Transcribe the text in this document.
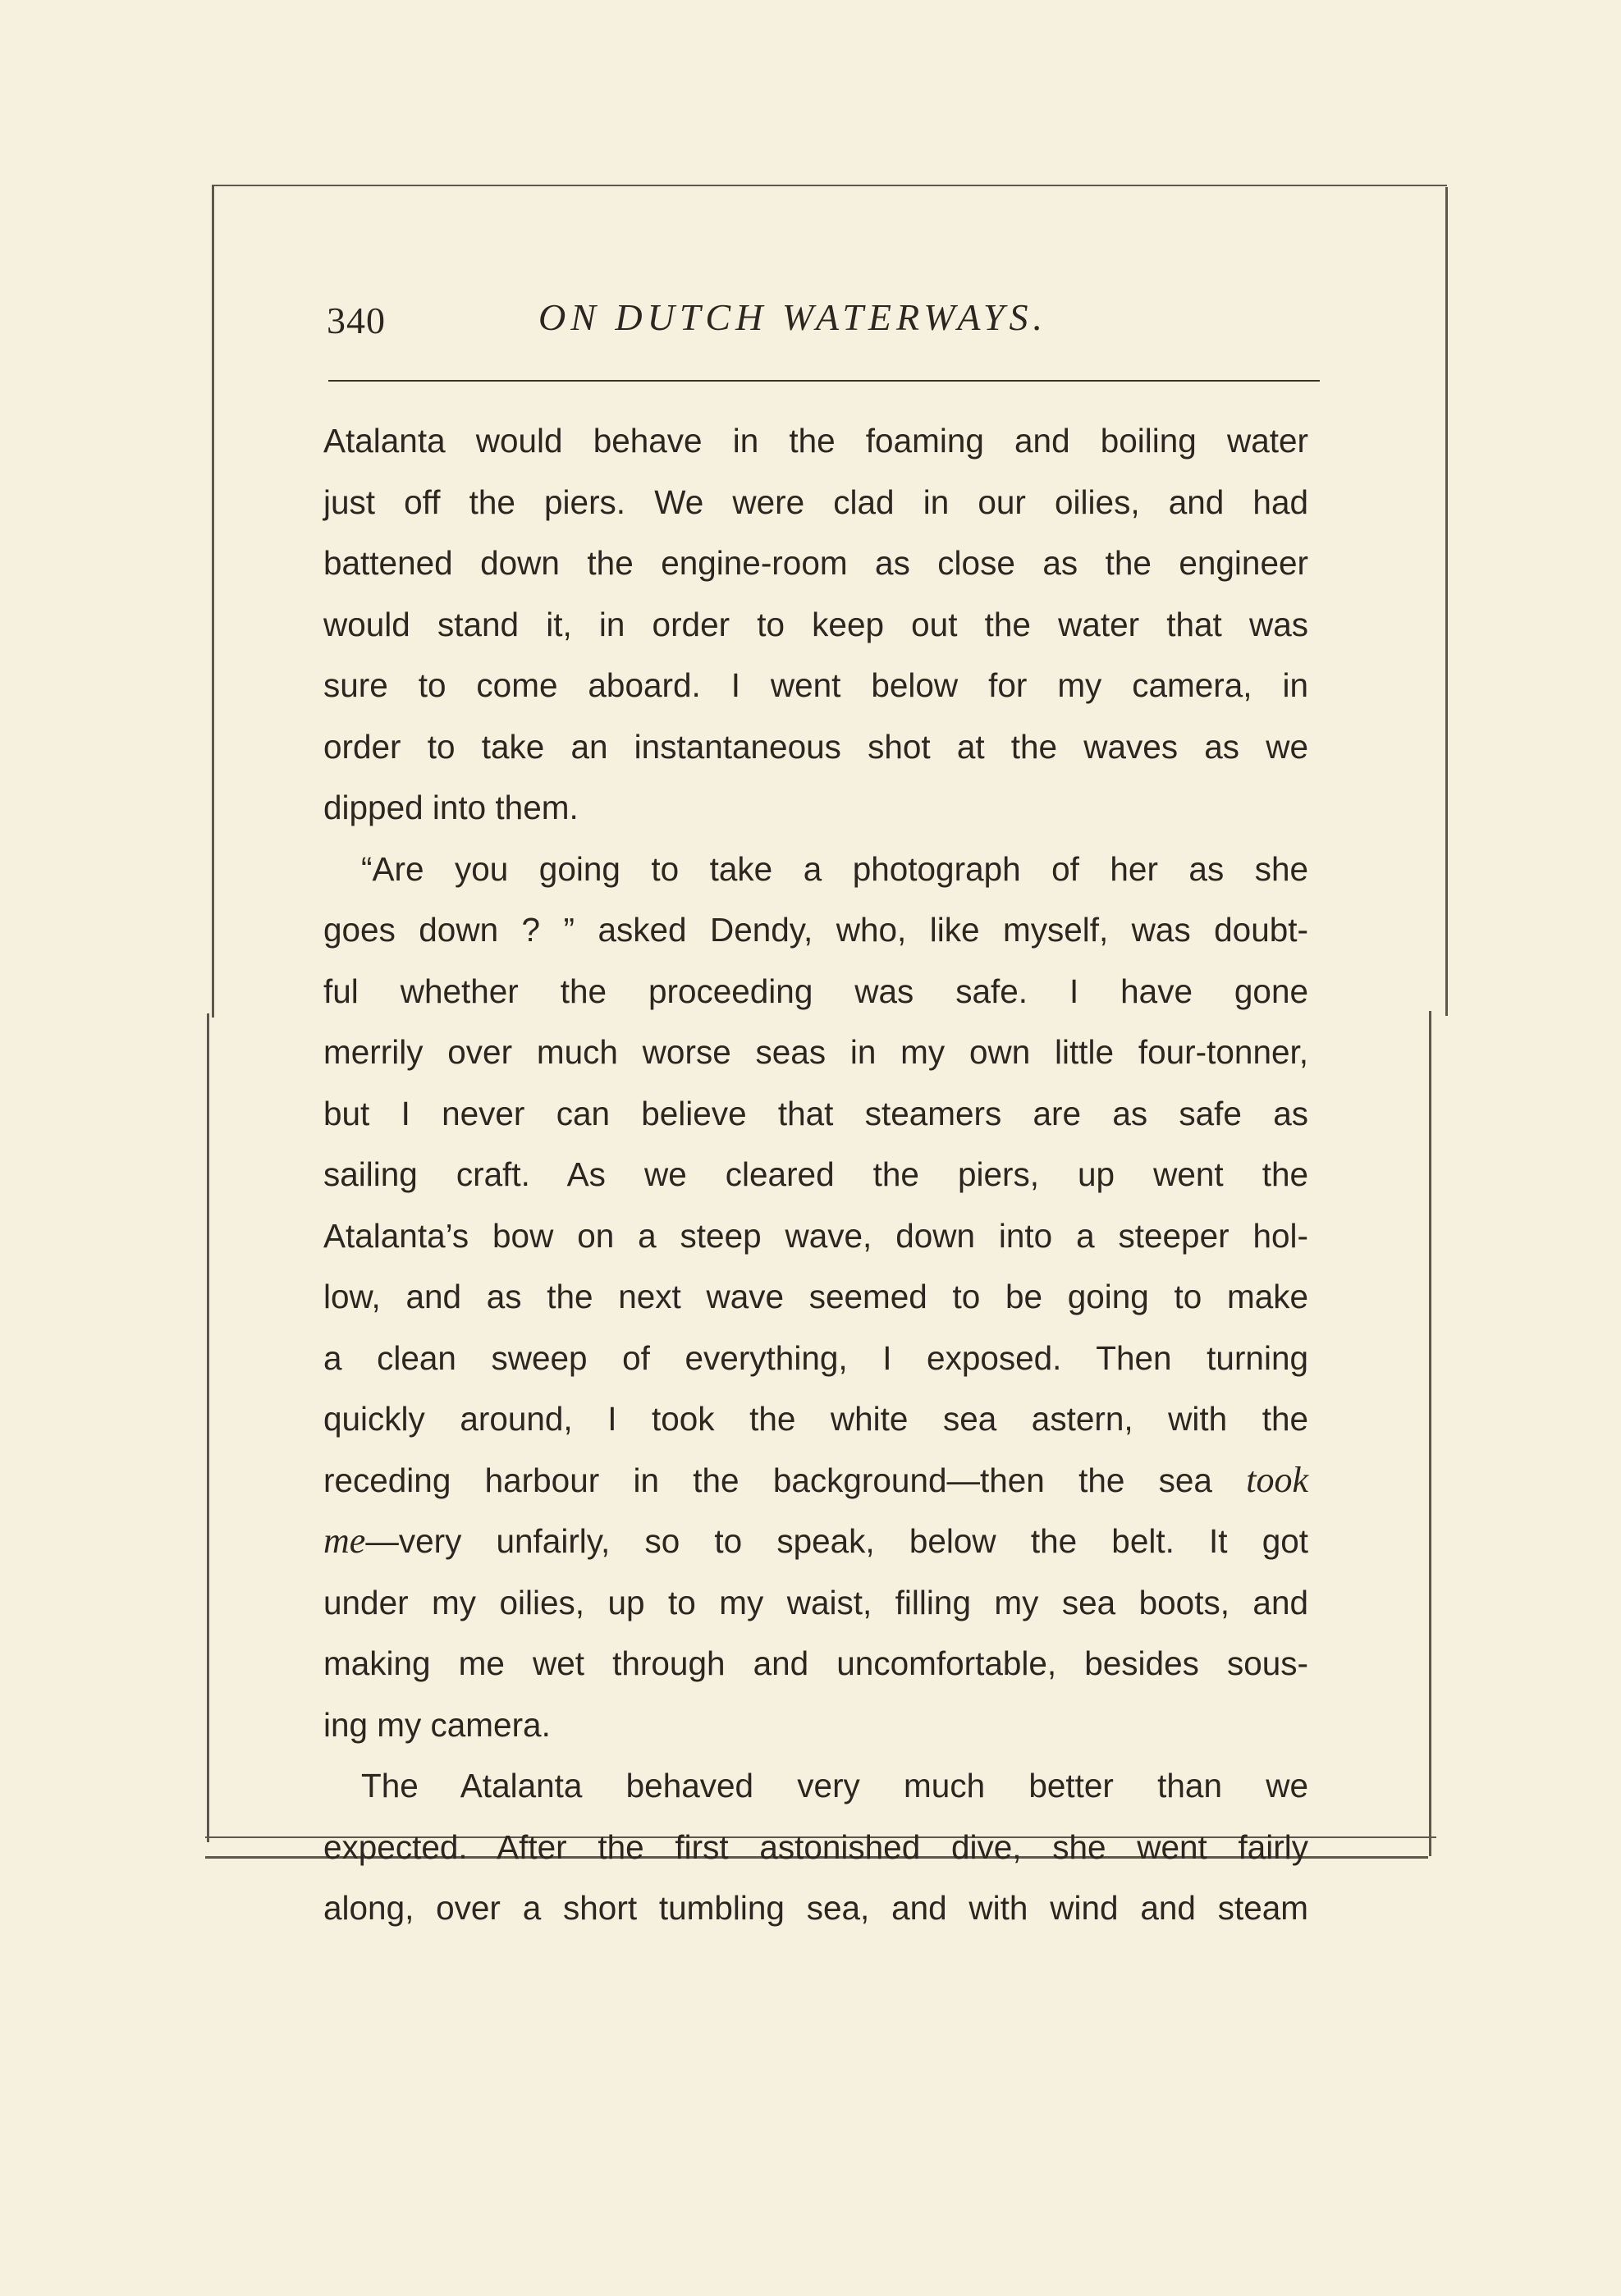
340	ON DUTCH WATERWAYS.
Atalanta would behave in the foaming and boiling water
just off the piers. We were clad in our oilies, and had
battened down the engine-room as close as the engineer
would stand it, in order to keep out the water that was
sure to come aboard. I went below for my camera, in
order to take an instantaneous shot at the waves as we
dipped into them.
“Are you going to take a photograph of her as she
goes down ? ” asked Dendy, who, like myself, was doubt-
ful whether the proceeding was safe. I have gone
merrily over much worse seas in my own little four-tonner,
but I never can believe that steamers are as safe as
sailing craft. As we cleared the piers, up went the
Atalanta’s bow on a steep wave, down into a steeper hol-
low, and as the next wave seemed to be going to make
a clean sweep of everything, I exposed. Then turning
quickly around, I took the white sea astern, with the
receding harbour in the background—then the sea took
me—very unfairly, so to speak, below the belt. It got
under my oilies, up to my waist, filling my sea boots, and
making me wet through and uncomfortable, besides sous-
ing my camera.
The Atalanta behaved very much better than we
expected. After the first astonished dive, she went fairly
along, over a short tumbling sea, and with wind and steam
